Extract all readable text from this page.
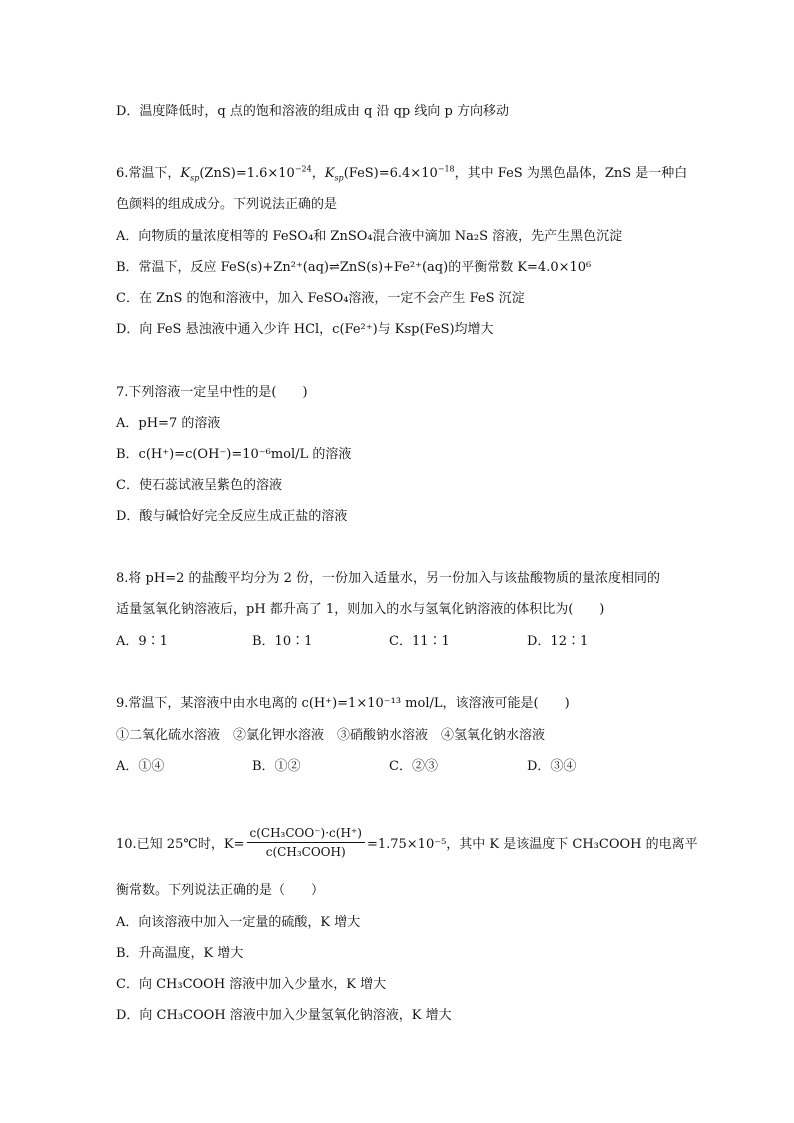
D．温度降低时，q 点的饱和溶液的组成由 q 沿 qp 线向 p 方向移动
6.常温下，$K_{sp}(ZnS)=1.6\times 10^{-24}$，$K_{sp}(FeS)=6.4\times 10^{-18}$，其中 FeS 为黑色晶体，ZnS 是一种白
色颜料的组成成分。下列说法正确的是
A．向物质的量浓度相等的 FeSO₄和 ZnSO₄混合液中滴加 Na₂S 溶液，先产生黑色沉淀
B．常温下，反应 FeS(s)+Zn²⁺(aq)⇌ZnS(s)+Fe²⁺(aq)的平衡常数 K=4.0×10⁶
C．在 ZnS 的饱和溶液中，加入 FeSO₄溶液，一定不会产生 FeS 沉淀
D．向 FeS 悬浊液中通入少许 HCl，c(Fe²⁺)与 Ksp(FeS)均增大
7.下列溶液一定呈中性的是(　　)
A．pH=7 的溶液
B．c(H⁺)=c(OH⁻)=10⁻⁶mol/L 的溶液
C．使石蕊试液呈紫色的溶液
D．酸与碱恰好完全反应生成正盐的溶液
8.将 pH=2 的盐酸平均分为 2 份，一份加入适量水，另一份加入与该盐酸物质的量浓度相同的
适量氢氧化钠溶液后，pH 都升高了 1，则加入的水与氢氧化钠溶液的体积比为(　　)
A．9∶1	B．10∶1	C．11∶1	D．12∶1
9.常温下，某溶液中由水电离的 c(H⁺)=1×10⁻¹³ mol/L，该溶液可能是(　　)
①二氧化硫水溶液　②氯化钾水溶液　③硝酸钠水溶液　④氢氧化钠水溶液
A．①④	B．①②	C．②③	D．③④
10.已知 25℃时，$K= \frac{\text{c(CH₃COO⁻)·c(H⁺)}}{\text{c(CH₃COOH)}} =1.75\times 10^{-5}$，其中 K 是该温度下 CH₃COOH 的电离平
衡常数。下列说法正确的是（　　）
A．向该溶液中加入一定量的硫酸，K 增大
B．升高温度，K 增大
C．向 CH₃COOH 溶液中加入少量水，K 增大
D．向 CH₃COOH 溶液中加入少量氢氧化钠溶液，K 增大
